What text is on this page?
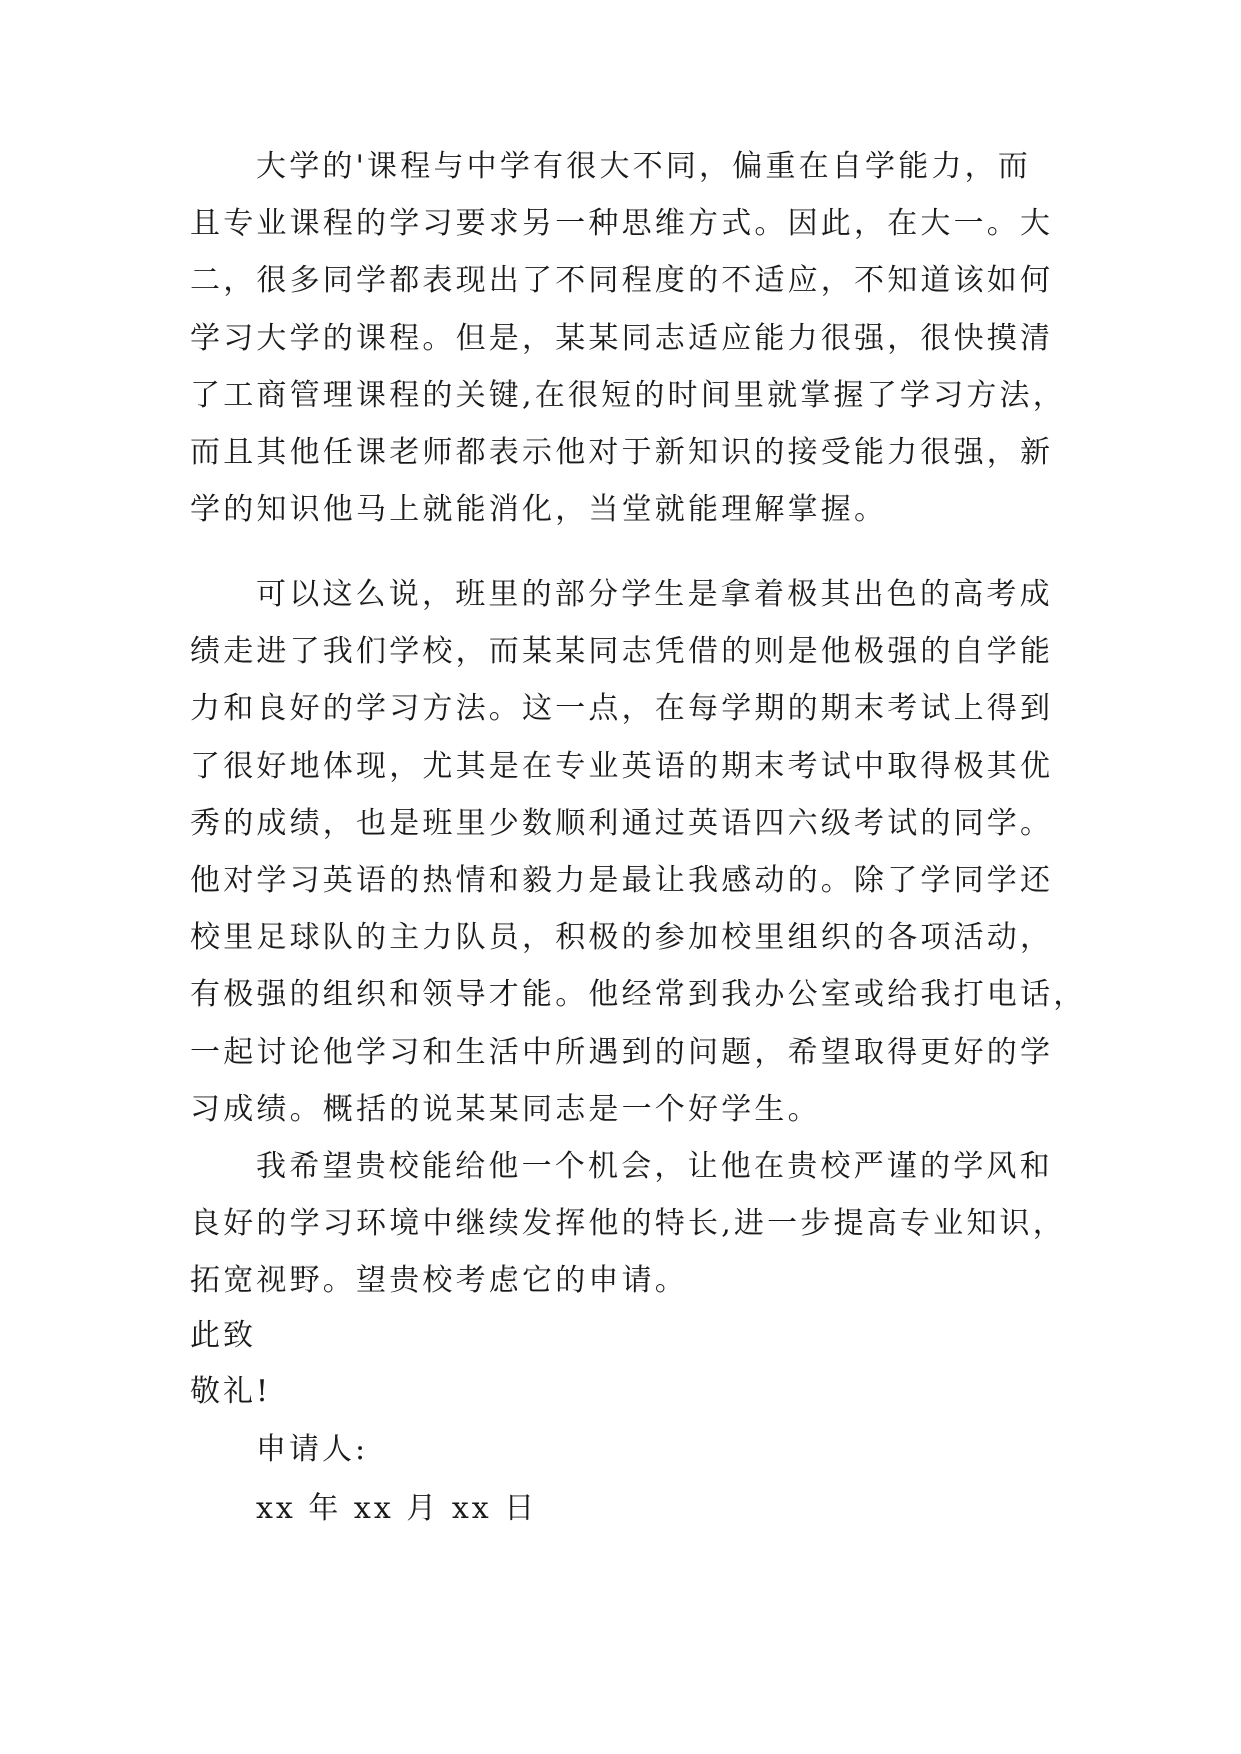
大学的'课程与中学有很大不同，偏重在自学能力，而
且专业课程的学习要求另一种思维方式。因此，在大一。大
二，很多同学都表现出了不同程度的不适应，不知道该如何
学习大学的课程。但是，某某同志适应能力很强，很快摸清
了工商管理课程的关键,在很短的时间里就掌握了学习方法，
而且其他任课老师都表示他对于新知识的接受能力很强，新
学的知识他马上就能消化，当堂就能理解掌握。
可以这么说，班里的部分学生是拿着极其出色的高考成
绩走进了我们学校，而某某同志凭借的则是他极强的自学能
力和良好的学习方法。这一点，在每学期的期末考试上得到
了很好地体现，尤其是在专业英语的期末考试中取得极其优
秀的成绩，也是班里少数顺利通过英语四六级考试的同学。
他对学习英语的热情和毅力是最让我感动的。除了学同学还
校里足球队的主力队员，积极的参加校里组织的各项活动，
有极强的组织和领导才能。他经常到我办公室或给我打电话，
一起讨论他学习和生活中所遇到的问题，希望取得更好的学
习成绩。概括的说某某同志是一个好学生。
我希望贵校能给他一个机会，让他在贵校严谨的学风和
良好的学习环境中继续发挥他的特长,进一步提高专业知识，
拓宽视野。望贵校考虑它的申请。
此致
敬礼!
申请人:
xx 年 xx 月 xx 日
